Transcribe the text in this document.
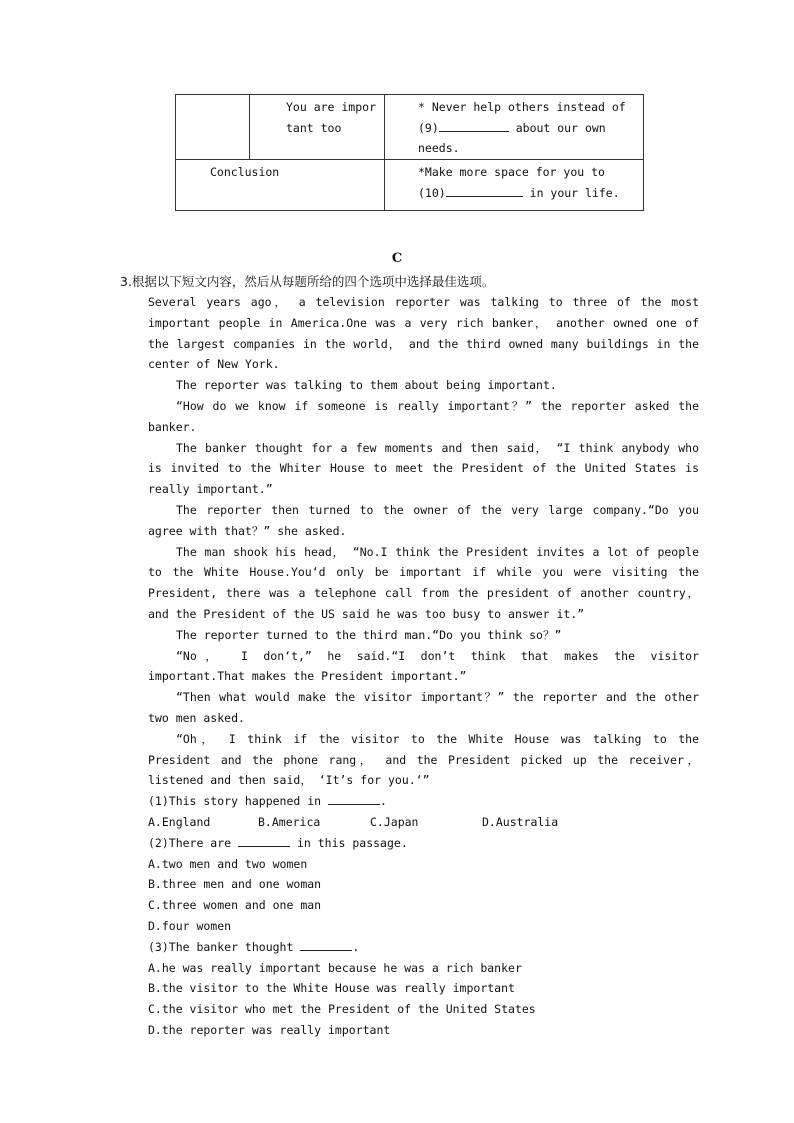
	You are important too	* Never help others instead of
(9) about our own needs.

Conclusion		*Make more space for you to
(10) in your life.
C
3.根据以下短文内容，然后从每题所给的四个选项中选择最佳选项。

Several years ago， a television reporter was talking to three of the most important people in America.One was a very rich banker， another owned one of the largest companies in the world， and the third owned many buildings in the center of New York.

The reporter was talking to them about being important.

“How do we know if someone is really important？” the reporter asked the banker.

The banker thought for a few moments and then said， “I think anybody who is invited to the Whiter House to meet the President of the United States is really important.”

The reporter then turned to the owner of the very large company.“Do you agree with that？” she asked.

The man shook his head， “No.I think the President invites a lot of people to the White House.You‘d only be important if while you were visiting the President, there was a telephone call from the president of another country， and the President of the US said he was too busy to answer it.”

The reporter turned to the third man.“Do you think so？”

“No， I don‘t,” he said.“I don’t think that makes the visitor important.That makes the President important.”

“Then what would make the visitor important？” the reporter and the other two men asked.

“Oh， I think if the visitor to the White House was talking to the President and the phone rang， and the President picked up the receiver， listened and then said， ‘It’s for you.‘”

(1)This story happened in	.
A.England	B.America	C.Japan	D.Australia
(2)There are	in this passage.
A.two men and two women
B.three men and one woman
C.three women and one man
D.four women
(3)The banker thought	.
A.he was really important because he was a rich banker
B.the visitor to the White House was really important
C.the visitor who met the President of the United States
D.the reporter was really important
